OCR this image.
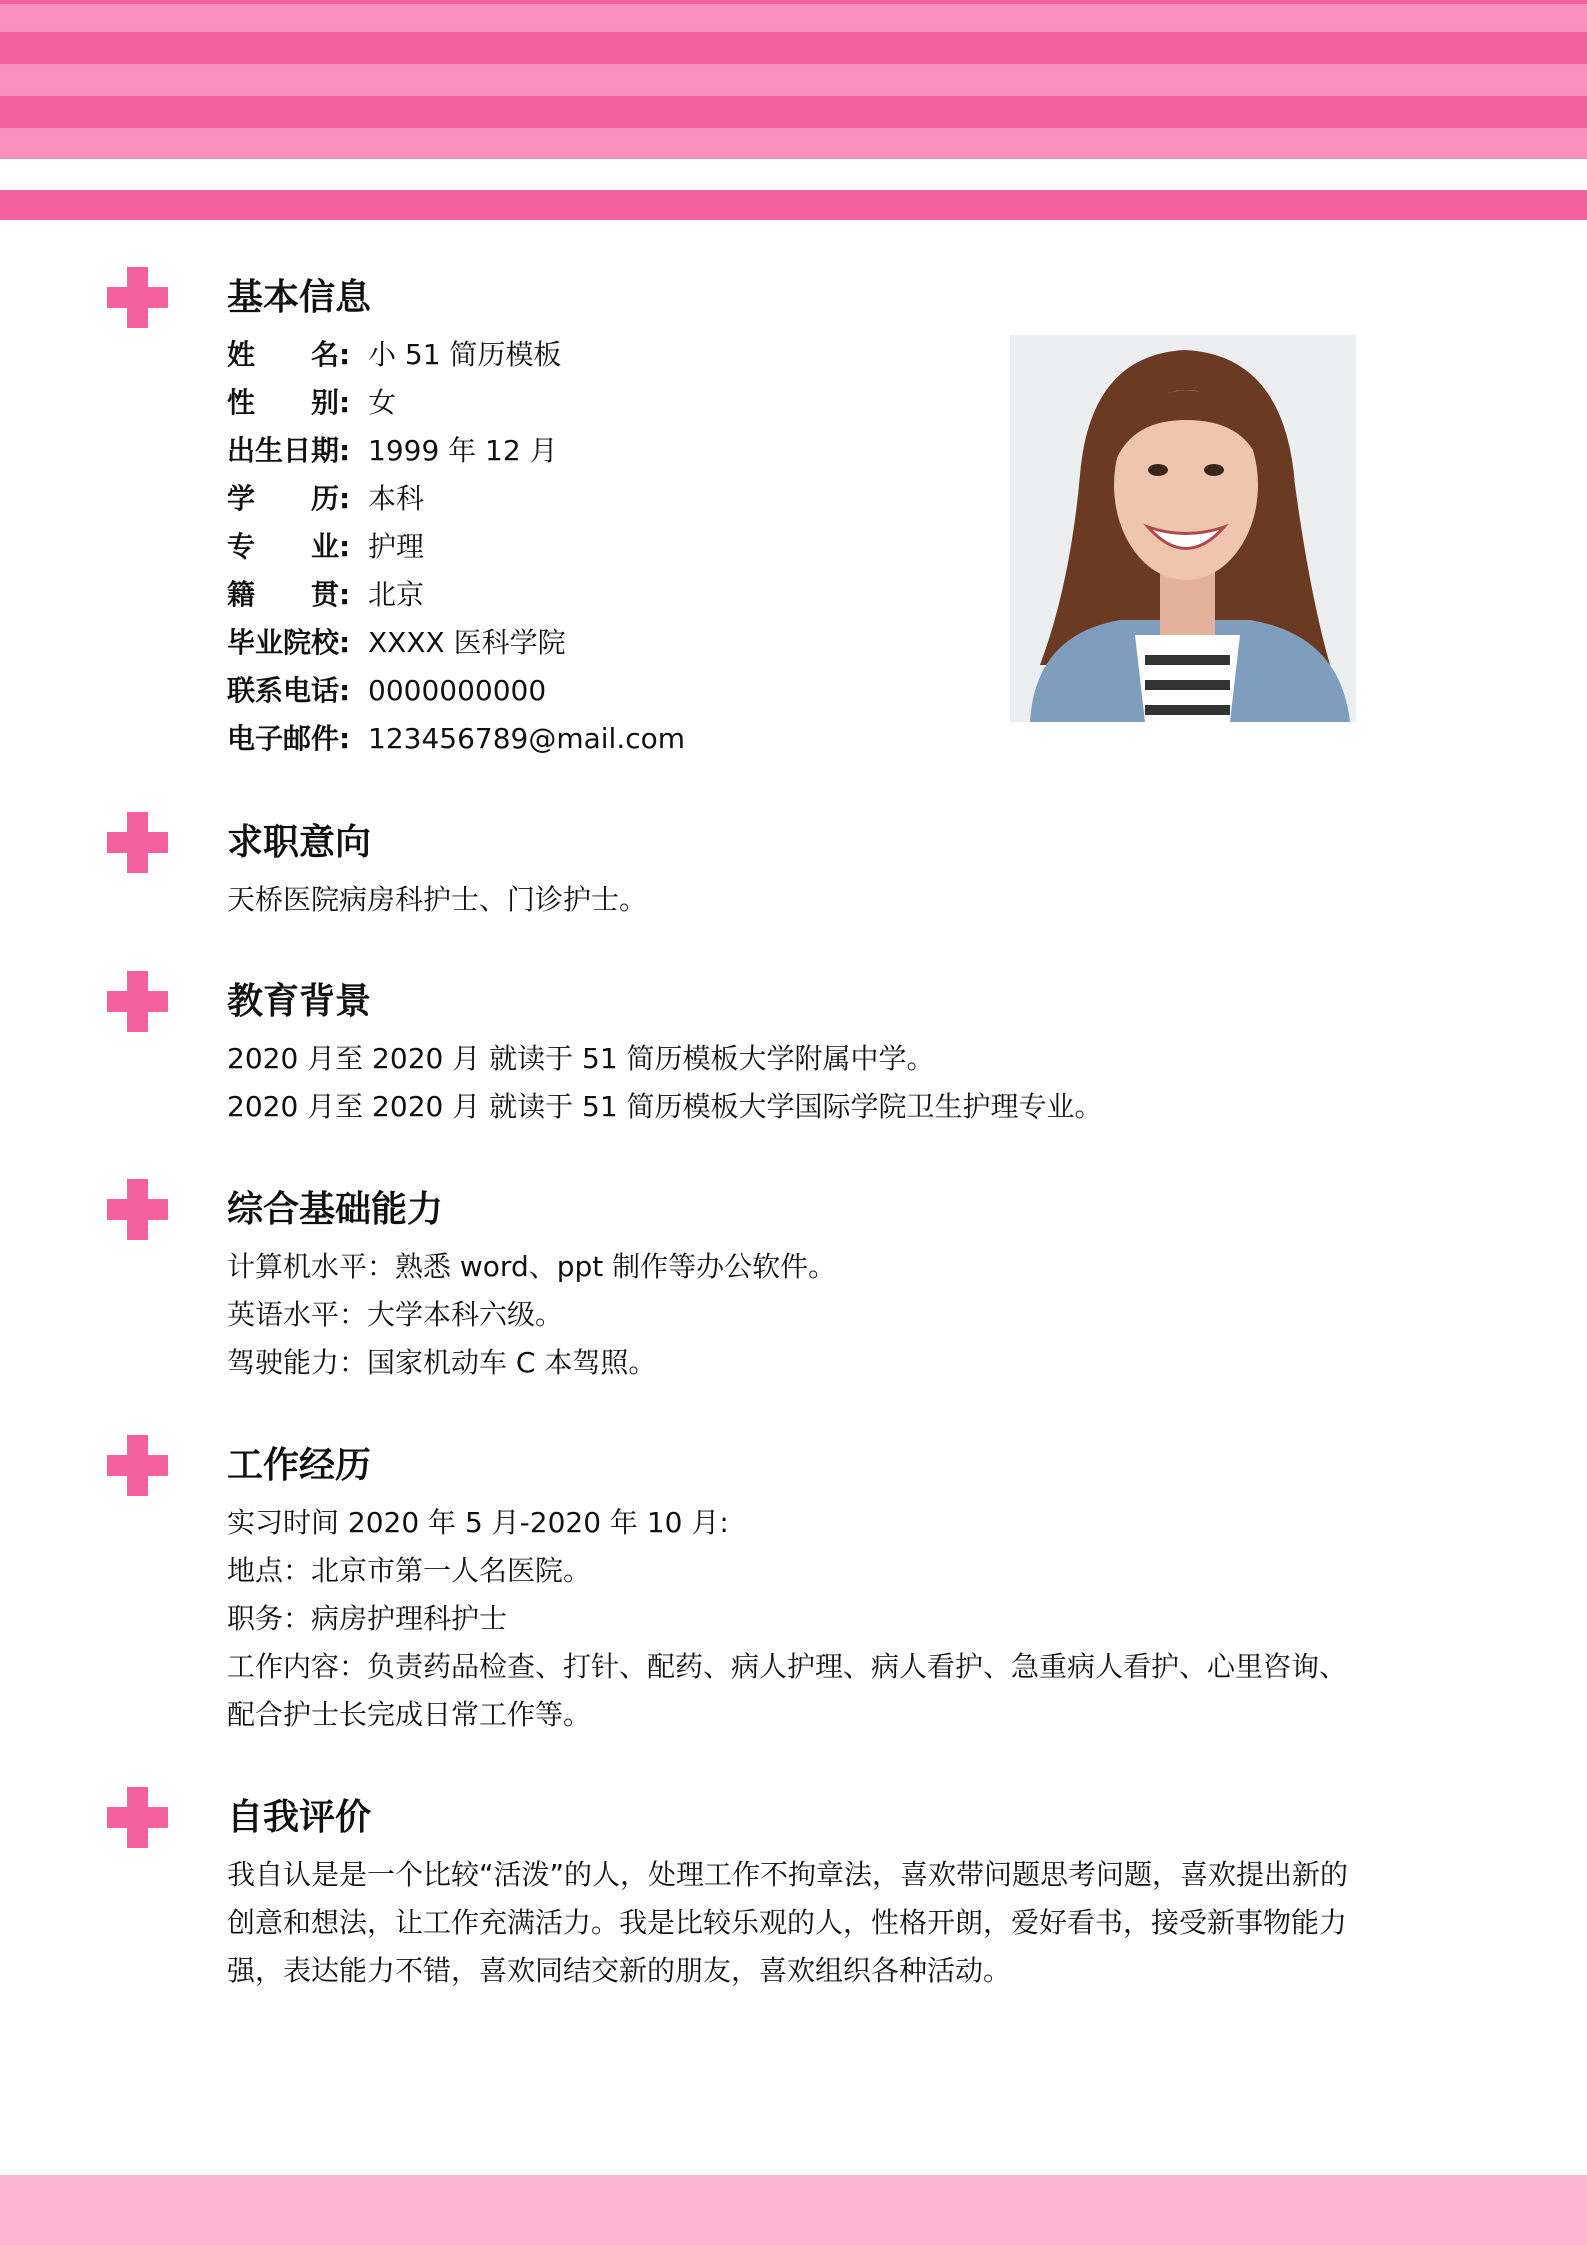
基本信息
姓　　名: 小 51 简历模板
性　　别: 女
出生日期: 1999 年 12 月
学　　历: 本科
专　　业: 护理
籍　　贯: 北京
毕业院校: XXXX 医科学院
联系电话: 0000000000
电子邮件: 123456789@mail.com
求职意向
天桥医院病房科护士、门诊护士。
教育背景
2020 月至 2020 月 就读于 51 简历模板大学附属中学。
2020 月至 2020 月 就读于 51 简历模板大学国际学院卫生护理专业。
综合基础能力
计算机水平：熟悉 word、ppt 制作等办公软件。
英语水平：大学本科六级。
驾驶能力：国家机动车 C 本驾照。
工作经历
实习时间 2020 年 5 月-2020 年 10 月:
地点：北京市第一人名医院。
职务：病房护理科护士
工作内容：负责药品检查、打针、配药、病人护理、病人看护、急重病人看护、心里咨询、配合护士长完成日常工作等。
自我评价
我自认是是一个比较“活泼”的人，处理工作不拘章法，喜欢带问题思考问题，喜欢提出新的创意和想法，让工作充满活力。我是比较乐观的人，性格开朗，爱好看书，接受新事物能力强，表达能力不错，喜欢同结交新的朋友，喜欢组织各种活动。
